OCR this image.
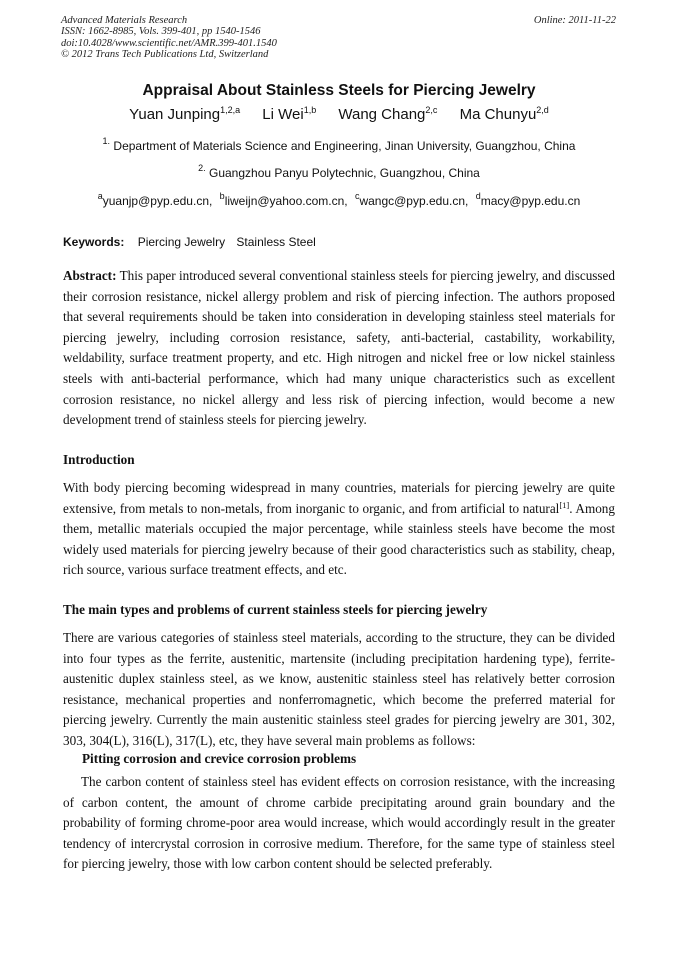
Advanced Materials Research
ISSN: 1662-8985, Vols. 399-401, pp 1540-1546
doi:10.4028/www.scientific.net/AMR.399-401.1540
© 2012 Trans Tech Publications Ltd, Switzerland
Online: 2011-11-22
Appraisal About Stainless Steels for Piercing Jewelry
Yuan Junping$^{1,2,a}$ Li Wei$^{1,b}$ Wang Chang$^{2,c}$ Ma Chunyu$^{2,d}$
$^{1.}$ Department of Materials Science and Engineering, Jinan University, Guangzhou, China
$^{2.}$ Guangzhou Panyu Polytechnic, Guangzhou, China
$^a$yuanjp@pyp.edu.cn, $^b$liweijn@yahoo.com.cn, $^c$wangc@pyp.edu.cn, $^d$macy@pyp.edu.cn
Keywords: Piercing Jewelry Stainless Steel

Abstract: This paper introduced several conventional stainless steels for piercing jewelry, and discussed their corrosion resistance, nickel allergy problem and risk of piercing infection. The authors proposed that several requirements should be taken into consideration in developing stainless steel materials for piercing jewelry, including corrosion resistance, safety, anti-bacterial, castability, workability, weldability, surface treatment property, and etc. High nitrogen and nickel free or low nickel stainless steels with anti-bacterial performance, which had many unique characteristics such as excellent corrosion resistance, no nickel allergy and less risk of piercing infection, would become a new development trend of stainless steels for piercing jewelry.

Introduction

With body piercing becoming widespread in many countries, materials for piercing jewelry are quite extensive, from metals to non-metals, from inorganic to organic, and from artificial to natural[1]. Among them, metallic materials occupied the major percentage, while stainless steels have become the most widely used materials for piercing jewelry because of their good characteristics such as stability, cheap, rich source, various surface treatment effects, and etc.

The main types and problems of current stainless steels for piercing jewelry

There are various categories of stainless steel materials, according to the structure, they can be divided into four types as the ferrite, austenitic, martensite (including precipitation hardening type), ferrite-austenitic duplex stainless steel, as we know, austenitic stainless steel has relatively better corrosion resistance, mechanical properties and nonferromagnetic, which become the preferred material for piercing jewelry. Currently the main austenitic stainless steel grades for piercing jewelry are 301, 302, 303, 304(L), 316(L), 317(L), etc, they have several main problems as follows:

Pitting corrosion and crevice corrosion problems

The carbon content of stainless steel has evident effects on corrosion resistance, with the increasing of carbon content, the amount of chrome carbide precipitating around grain boundary and the probability of forming chrome-poor area would increase, which would accordingly result in the greater tendency of intercrystal corrosion in corrosive medium. Therefore, for the same type of stainless steel for piercing jewelry, those with low carbon content should be selected preferably.
